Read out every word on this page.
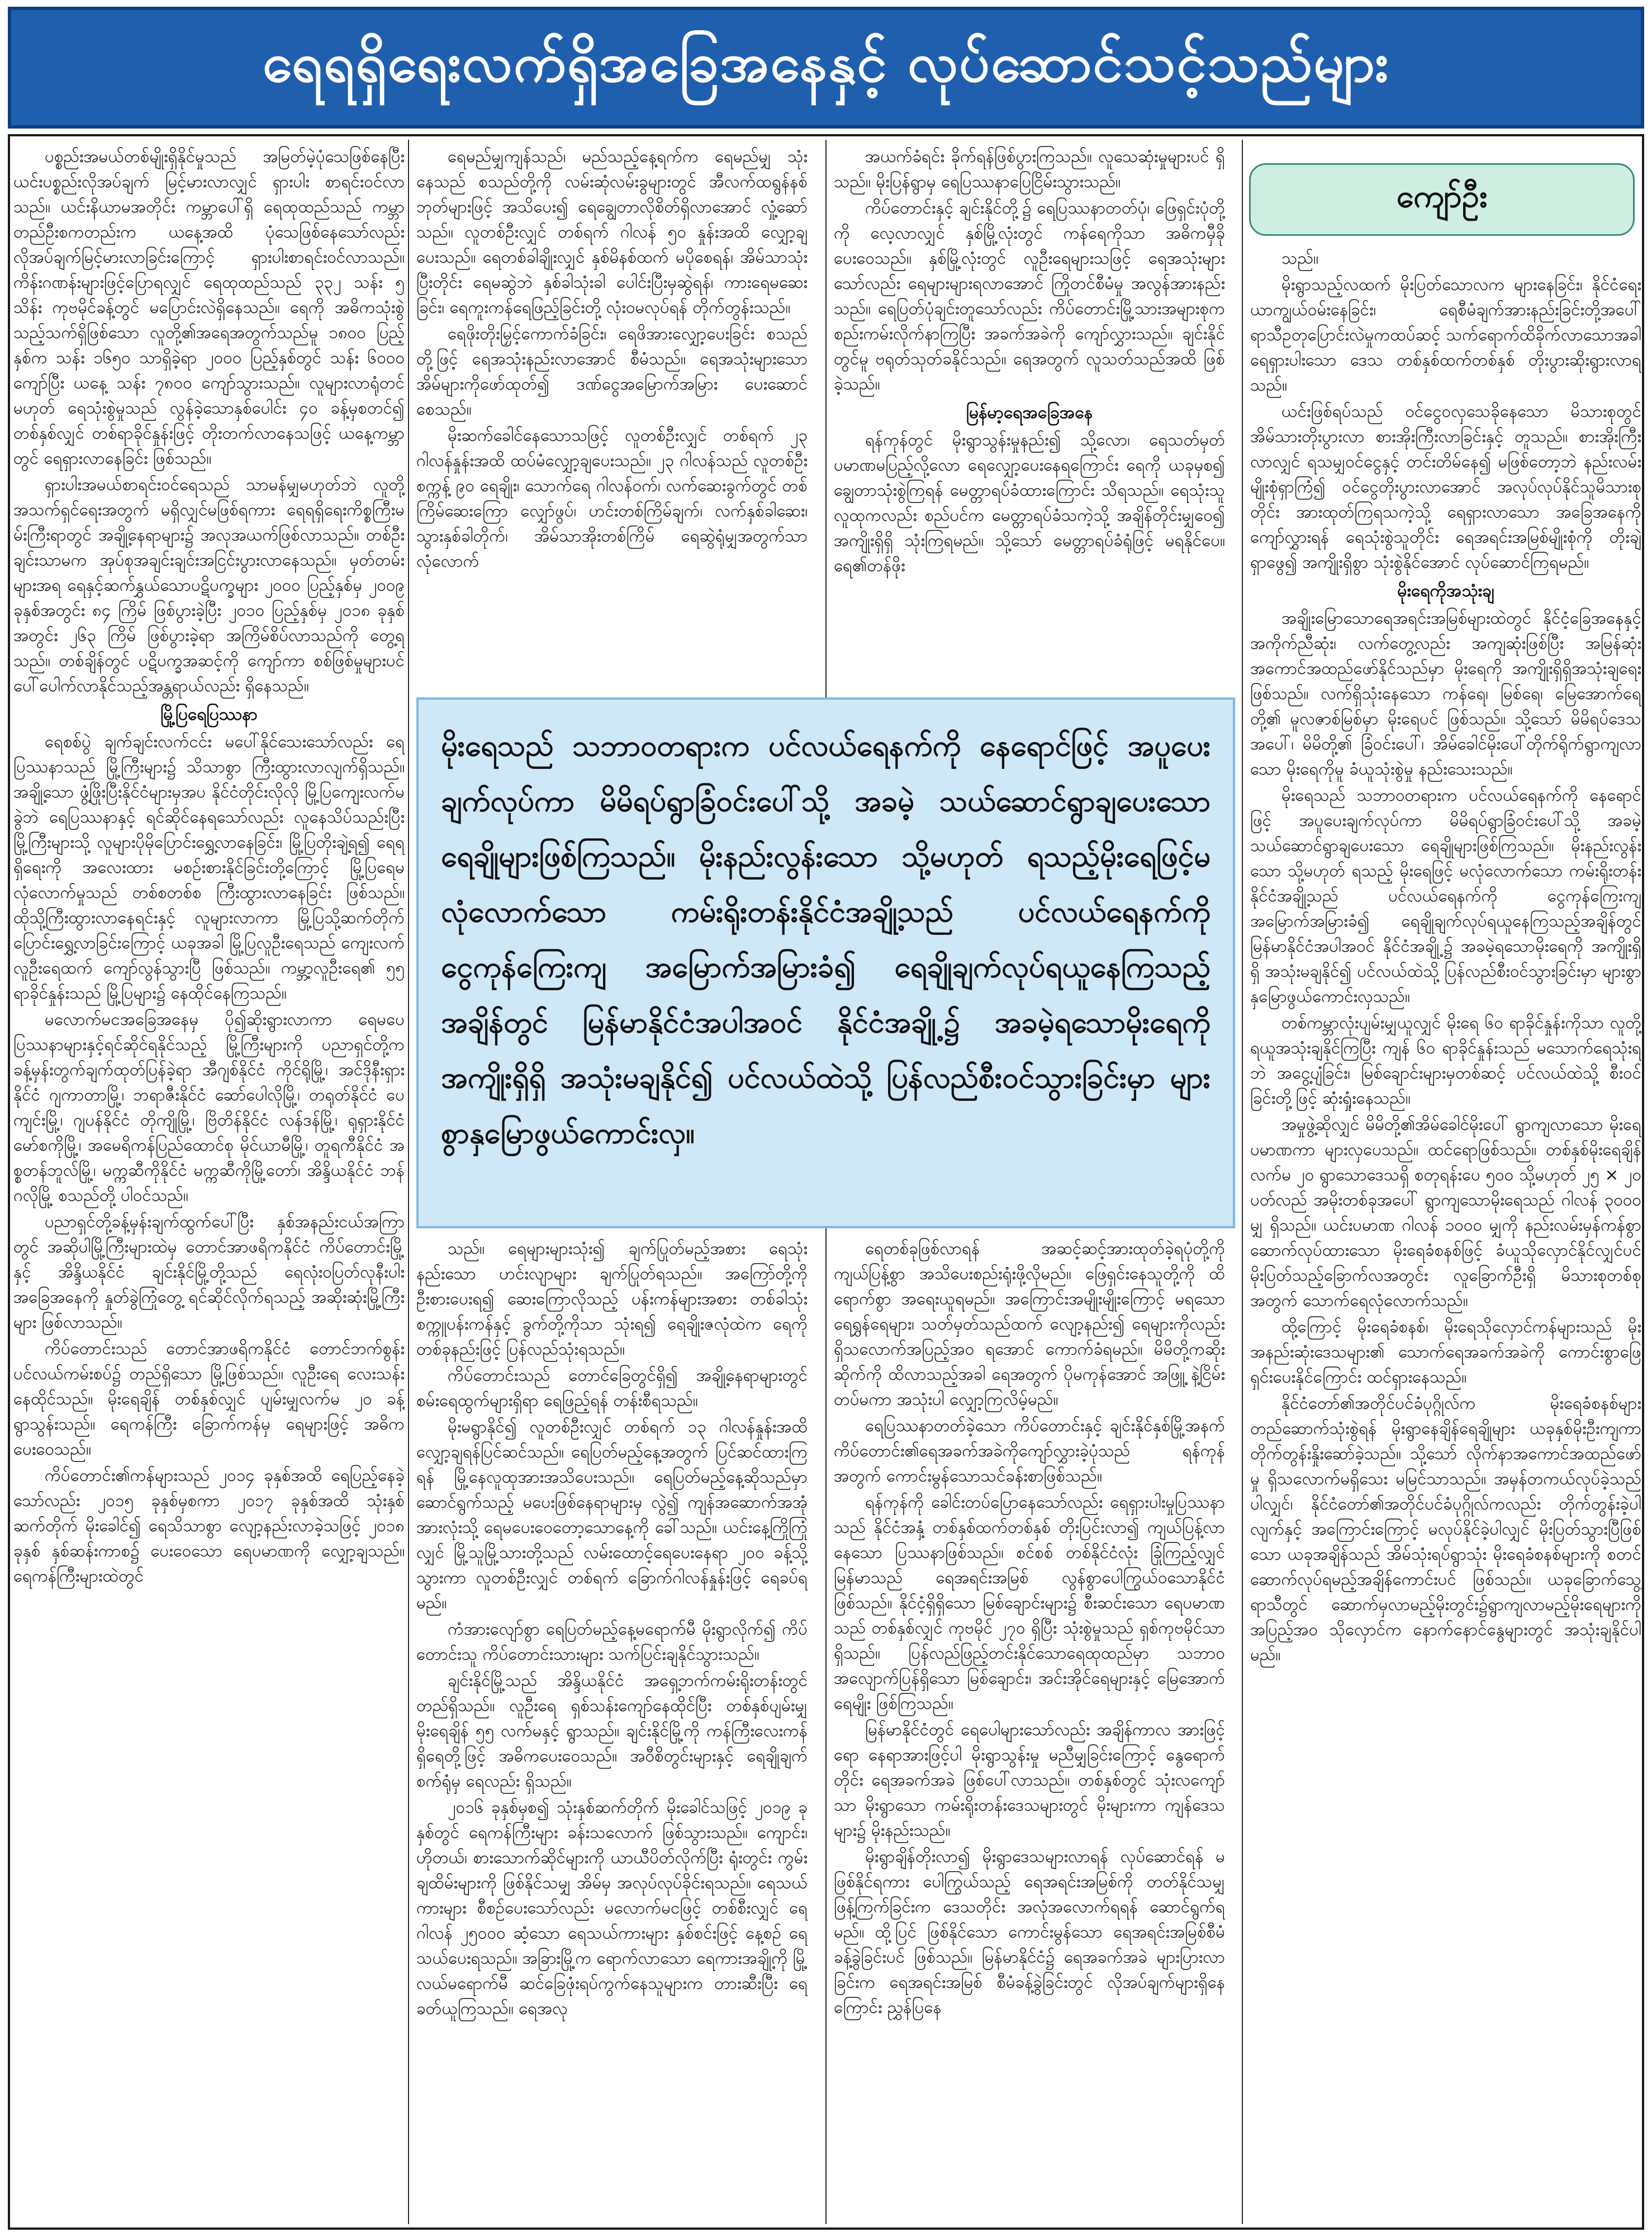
ရေရရှိရေးလက်ရှိအခြေအနေနှင့် လုပ်ဆောင်သင့်သည်များ

ပစ္စည်းအမယ်တစ်မျိုးရှိနိုင်မှုသည် အမြတ်မဲ့ပုံသေဖြစ်နေပြီး ယင်းပစ္စည်းလိုအပ်ချက် မြင့်မားလာလျှင် ရှားပါး စာရင်းဝင်လာသည်။ ယင်းနိယာမအတိုင်း ကမ္ဘာပေါ်ရှိ ရေထုထည်သည် ကမ္ဘာတည်ဦးစကတည်းက ယနေ့အထိ ပုံသေဖြစ်နေသော်လည်း လိုအပ်ချက်မြင့်မားလာခြင်းကြောင့် ရှားပါးစာရင်းဝင်လာသည်။ ကိန်းဂဏန်းများဖြင့်ပြောရလျှင် ရေထုထည်သည် ၃၃၂ သန်း ၅ သိန်း ကုဗမိုင်ခန့်တွင် မပြောင်းလဲရှိနေသည်။ ရေကို အဓိကသုံးစွဲသည့်သက်ရှိဖြစ်သော လူတို့၏အရေအတွက်သည်မူ ၁၈၀၀ ပြည့်နှစ်က သန်း ၁၆၅၀ သာရှိခဲ့ရာ ၂၀၀၀ ပြည့်နှစ်တွင် သန်း ၆၀၀၀ ကျော်ပြီး ယနေ့ သန်း ၇၈၀၀ ကျော်သွားသည်။ လူများလာရုံတင်မဟုတ် ရေသုံးစွဲမှုသည် လွန်ခဲ့သောနှစ်ပေါင်း ၄၀ ခန့်မှစတင်၍ တစ်နှစ်လျှင် တစ်ရာခိုင်နှုန်းဖြင့် တိုးတက်လာနေသဖြင့် ယနေ့ကမ္ဘာတွင် ရေရှားလာနေခြင်း ဖြစ်သည်။

ရှားပါးအမယ်စာရင်းဝင်ရေသည် သာမန်မျှမဟုတ်ဘဲ လူတို့အသက်ရှင်ရေးအတွက် မရှိလျှင်မဖြစ်ရကား ရေရရှိရေးကိစ္စကြီးမမ်းကြီးရာတွင် အချို့နေရာများ၌ အလုအယက်ဖြစ်လာသည်။ တစ်ဦးချင်းသာမက အုပ်စုအချင်းချင်းအငြင်းပွားလာနေသည်။ မှတ်တမ်းများအရ ရေနှင့်ဆက်နွှယ်သောပဋိပက္ခများ ၂၀၀၀ ပြည့်နှစ်မှ ၂၀၀၉ ခုနှစ်အတွင်း ၈၄ ကြိမ် ဖြစ်ပွားခဲ့ပြီး ၂၀၁၀ ပြည့်နှစ်မှ ၂၀၁၈ ခုနှစ်အတွင်း ၂၆၃ ကြိမ် ဖြစ်ပွားခဲ့ရာ အကြိမ်စိပ်လာသည်ကို တွေ့ရသည်။ တစ်ချိန်တွင် ပဋိပက္ခအဆင့်ကို ကျော်ကာ စစ်ဖြစ်မှုများပင် ပေါ်ပေါက်လာနိုင်သည့်အန္တရာယ်လည်း ရှိနေသည်။

မြို့ပြရေပြဿနာ

ရေစစ်ပွဲ ချက်ချင်းလက်ငင်း မပေါ်နိုင်သေးသော်လည်း ရေပြဿနာသည် မြို့ကြီးများ၌ သိသာစွာ ကြီးထွားလာလျက်ရှိသည်။ အချို့သော ဖွံ့ဖြိုးပြီးနိုင်ငံများမှအပ နိုင်ငံတိုင်းလိုလို မြို့ပြကျေးလက်မခွဲဘဲ ရေပြဿနာနှင့် ရင်ဆိုင်နေရသော်လည်း လူနေသိပ်သည်းပြီး မြို့ကြီးများသို့ လူများပိုမိုပြောင်းရွှေ့လာနေခြင်း၊ မြို့ပြတိုးချဲ့ရ၍ ရေရရှိရေးကို အလေးထား မစဉ်းစားနိုင်ခြင်းတို့ကြောင့် မြို့ပြရေမလုံလောက်မှုသည် တစ်စတစ်စ ကြီးထွားလာနေခြင်း ဖြစ်သည်။ ထိုသို့ကြီးထွားလာနေရင်းနှင့် လူများလာကာ မြို့ပြသို့ဆက်တိုက်ပြောင်းရွှေ့လာခြင်းကြောင့် ယခုအခါ မြို့ပြလူဦးရေသည် ကျေးလက်လူဦးရေထက် ကျော်လွန်သွားပြီ ဖြစ်သည်။ ကမ္ဘာ့လူဦးရေ၏ ၅၅ ရာခိုင်နှုန်းသည် မြို့ပြများ၌ နေထိုင်နေကြသည်။

မလောက်မငအခြေအနေမှ ပို၍ဆိုးရွားလာကာ ရေမပေပြဿနာများနှင့်ရင်ဆိုင်ရနိုင်သည့် မြို့ကြီးများကို ပညာရှင်တို့က ခန့်မှန်းတွက်ချက်ထုတ်ပြန်ခဲ့ရာ အီဂျစ်နိုင်ငံ ကိုင်ရိုမြို့၊ အင်ဒိုနီးရှားနိုင်ငံ ဂျကာတာမြို့၊ ဘရာဇီးနိုင်ငံ ဆော်ပေါလိုမြို့၊ တရုတ်နိုင်ငံ ပေကျင်းမြို့၊ ဂျပန်နိုင်ငံ တိုကျိုမြို့၊ ဗြိတိန်နိုင်ငံ လန်ဒန်မြို့၊ ရုရှားနိုင်ငံ မော်စကိုမြို့၊ အမေရိကန်ပြည်ထောင်စု မိုင်ယာမီမြို့၊ တူရကီနိုင်ငံ အစ္စတန်ဘူလ်မြို့၊ မက္ကဆီကိုနိုင်ငံ မက္ကဆီကိုမြို့တော်၊ အိန္ဒိယနိုင်ငံ ဘန်ဂလိုမြို့ စသည်တို့ ပါဝင်သည်။

ပညာရှင်တို့ခန့်မှန်းချက်ထွက်ပေါ်ပြီး နှစ်အနည်းငယ်အကြာတွင် အဆိုပါမြို့ကြီးများထဲမှ တောင်အာဖရိကနိုင်ငံ ကိပ်တောင်းမြို့နှင့် အိန္ဒိယနိုင်ငံ ချင်းနိုင်မြို့တို့သည် ရေလုံးဝပြတ်လုနီးပါး အခြေအနေကို နှုတ်ခွဲကြုံတွေ့ ရင်ဆိုင်လိုက်ရသည့် အဆိုးဆုံးမြို့ကြီးများ ဖြစ်လာသည်။

ကိပ်တောင်းသည် တောင်အာဖရိကနိုင်ငံ တောင်ဘက်စွန်း ပင်လယ်ကမ်းစပ်၌ တည်ရှိသော မြို့ဖြစ်သည်။ လူဦးရေ လေးသန်းနေထိုင်သည်။ မိုးရေချိန် တစ်နှစ်လျှင် ပျမ်းမျှလက်မ ၂၀ ခန့် ရွာသွန်းသည်။ ရေကန်ကြီး ခြောက်ကန်မှ ရေများဖြင့် အဓိကပေးဝေသည်။

ကိပ်တောင်း၏ကန်များသည် ၂၀၁၄ ခုနှစ်အထိ ရေပြည့်နေခဲ့သော်လည်း ၂၀၁၅ ခုနှစ်မှစကာ ၂၀၁၇ ခုနှစ်အထိ သုံးနှစ်ဆက်တိုက် မိုးခေါင်၍ ရေသိသာစွာ လျော့နည်းလာခဲ့သဖြင့် ၂၀၁၈ ခုနှစ် နှစ်ဆန်းကာစ၌ ပေးဝေသော ရေပမာဏကို လျှော့ချသည်။ ရေကန်ကြီးများထဲတွင်

ရေမည်မျှကျန်သည်၊ မည်သည့်နေ့ရက်က ရေမည်မျှ သုံးနေသည် စသည်တို့ကို လမ်းဆုံလမ်းခွများတွင် အီလက်ထရွန်နစ်ဘုတ်များဖြင့် အသိပေး၍ ရေချွေတာလိုစိတ်ရှိလာအောင် လှုံ့ဆော်သည်။ လူတစ်ဦးလျှင် တစ်ရက် ဂါလန် ၅၀ နှုန်းအထိ လျှော့ချပေးသည်။ ရေတစ်ခါချိုးလျှင် နှစ်မိနစ်ထက် မပိုစေရန်၊ အိမ်သာသုံးပြီးတိုင်း ရေမဆွဲဘဲ နှစ်ခါသုံးခါ ပေါင်းပြီးမှဆွဲရန်၊ ကားရေမဆေးခြင်း၊ ရေကူးကန်ရေဖြည့်ခြင်းတို့ လုံးဝမလုပ်ရန် တိုက်တွန်းသည်။

ရေဖိုးတိုးမြှင့်ကောက်ခံခြင်း၊ ရေဖိအားလျှော့ပေးခြင်း စသည်တို့ဖြင့် ရေအသုံးနည်းလာအောင် စီမံသည်။ ရေအသုံးများသော အိမ်များကိုဖော်ထုတ်၍ ဒဏ်ငွေအမြောက်အမြား ပေးဆောင်စေသည်။

မိုးဆက်ခေါင်နေသောသဖြင့် လူတစ်ဦးလျှင် တစ်ရက် ၂၃ ဂါလန်နှုန်းအထိ ထပ်မံလျှော့ချပေးသည်။ ၂၃ ဂါလန်သည် လူတစ်ဦး စက္ကန့် ၉၀ ရေချိုး၊ သောက်ရေ ဂါလန်ဝက်၊ လက်ဆေးခွက်တွင် တစ်ကြိမ်ဆေးကြော လျှော်ဖွပ်၊ ဟင်းတစ်ကြိမ်ချက်၊ လက်နှစ်ခါဆေး၊ သွားနှစ်ခါတိုက်၊ အိမ်သာအိုးတစ်ကြိမ် ရေဆွဲရုံမျှအတွက်သာ လုံလောက်

အယက်ခံရင်း ခိုက်ရန်ဖြစ်ပွားကြသည်။ လူသေဆုံးမှုများပင် ရှိသည်။ မိုးပြန်ရွာမှ ရေပြဿနာပြေငြိမ်းသွားသည်။

ကိပ်တောင်းနှင့် ချင်းနိုင်တို့၌ ရေပြဿနာတတ်ပုံ၊ ဖြေရှင်းပုံတို့ကို လေ့လာလျှင် နှစ်မြို့လုံးတွင် ကန်ရေကိုသာ အဓိကမှီခိုပေးဝေသည်။ နှစ်မြို့လုံးတွင် လူဦးရေများသဖြင့် ရေအသုံးများသော်လည်း ရေများများရလာအောင် ကြိုတင်စီမံမှု အလွန်အားနည်းသည်။ ရေပြတ်ပုံချင်းတူသော်လည်း ကိပ်တောင်းမြို့သားအများစုက စည်းကမ်းလိုက်နာကြပြီး အခက်အခဲကို ကျော်လွှားသည်။ ချင်းနိုင်တွင်မူ ဗရုတ်သုတ်ခနိုင်သည်။ ရေအတွက် လူသတ်သည်အထိ ဖြစ်ခဲ့သည်။

မြန်မာ့ရေအခြေအနေ

ရန်ကုန်တွင် မိုးရွာသွန်းမှုနည်း၍ သို့လော၊ ရေသတ်မှတ်ပမာဏမပြည့်လို့လော ရေလျှော့ပေးနေရကြောင်း ရေကို ယခုမှစ၍ ချွေတာသုံးစွဲကြရန် မေတ္တာရပ်ခံထားကြောင်း သိရသည်။ ရေသုံးသူလူထုကလည်း စည်ပင်က မေတ္တာရပ်ခံသကဲ့သို့ အချိန်တိုင်းမျှဝေ၍ အကျိုးရှိရှိ သုံးကြရမည်။ သို့သော် မေတ္တာရပ်ခံရုံဖြင့် မရနိုင်ပေ။ ရေ၏တန်ဖိုး

သည်။

မိုးရွာသည့်လထက် မိုးပြတ်သောလက များနေခြင်း၊ နိုင်ငံရေးယာကျွယ်ဝမ်းနေခြင်း၊ ရေစီမံချက်အားနည်းခြင်းတို့အပေါ် ရာသီဥတုပြောင်းလဲမှုကထပ်ဆင့် သက်ရောက်ထိခိုက်လာသောအခါ ရေရှားပါးသော ဒေသ တစ်နှစ်ထက်တစ်နှစ် တိုးပွားဆိုးရွားလာရသည်။

ယင်းဖြစ်ရပ်သည် ဝင်ငွေဝလှသေခိုနေသော မိသားစုတွင် အိမ်သားတိုးပွားလာ စားအိုးကြီးလာခြင်းနှင့် တူသည်။ စားအိုးကြီးလာလျှင် ရသမျှဝင်ငွေနှင့် တင်းတိမ်နေ၍ မဖြစ်တော့ဘဲ နည်းလမ်းမျိုးစုံရှာကြံ၍ ဝင်ငွေတိုးပွားလာအောင် အလုပ်လုပ်နိုင်သူမိသားစုတိုင်း အားထုတ်ကြရသကဲ့သို့ ရေရှားလာသော အခြေအနေကို ကျော်လွှားရန် ရေသုံးစွဲသူတိုင်း ရေအရင်းအမြစ်မျိုးစုံကို တိုးချဲ့ရှာဖွေ၍ အကျိုးရှိစွာ သုံးစွဲနိုင်အောင် လုပ်ဆောင်ကြရမည်။

မိုးရေကိုအသုံးချ

အချိုးမြောသောရေအရင်းအမြစ်များထဲတွင် နိုင်ငံ့ခြေအနေနှင့်အကိုက်ညီဆုံး၊ လက်တွေ့လည်း အကျဆုံးဖြစ်ပြီး အမြန်ဆုံး အကောင်အထည်ဖော်နိုင်သည်မှာ မိုးရေကို အကျိုးရှိရှိအသုံးချရေး ဖြစ်သည်။ လက်ရှိသုံးနေသော ကန်ရေ၊ မြစ်ရေ၊ မြေအောက်ရေတို့၏ မူလဇာစ်မြစ်မှာ မိုးရေပင် ဖြစ်သည်။ သို့သော် မိမိရပ်ဒေသအပေါ်၊ မိမိတို့၏ ခြံဝင်းပေါ်၊ အိမ်ခေါင်မိုးပေါ်တိုက်ရိုက်ရွာကျလာသော မိုးရေကိုမူ ခံယူသုံးစွဲမှု နည်းသေးသည်။

မိုးရေသည် သဘာဝတရားက ပင်လယ်ရေနက်ကို နေရောင်ဖြင့် အပူပေးချက်လုပ်ကာ မိမိရပ်ရွာခြံဝင်းပေါ်သို့ အခမဲ့သယ်ဆောင်ရွာချပေးသော ရေချိုများဖြစ်ကြသည်။ မိုးနည်းလွန်းသော သို့မဟုတ် ရသည့် မိုးရေဖြင့် မလုံလောက်သော ကမ်းရိုးတန်းနိုင်ငံအချို့သည် ပင်လယ်ရေနက်ကို ငွေကုန်ကြေးကျ အမြောက်အမြားခံ၍ ရေချိုချက်လုပ်ရယူနေကြသည့်အချိန်တွင် မြန်မာနိုင်ငံအပါအဝင် နိုင်ငံအချို့၌ အခမဲ့ရသောမိုးရေကို အကျိုးရှိရှိ အသုံးမချနိုင်၍ ပင်လယ်ထဲသို့ ပြန်လည်စီးဝင်သွားခြင်းမှာ များစွာနှမြောဖွယ်ကောင်းလှသည်။

တစ်ကမ္ဘာလုံးပျမ်းမျှယူလျှင် မိုးရေ ၆၀ ရာခိုင်နှုန်းကိုသာ လူတို့ရယူအသုံးချနိုင်ကြပြီး ကျန် ၆၀ ရာခိုင်နှုန်းသည် မသောက်ရေသုံးရဘဲ အငွေ့ပျံခြင်း၊ မြစ်ချောင်းများမှတစ်ဆင့် ပင်လယ်ထဲသို့ စီးဝင်ခြင်းတို့ဖြင့် ဆုံးရှုံးနေသည်။

အမှုဖွဲ့ဆိုလျှင် မိမိတို့၏အိမ်ခေါင်မိုးပေါ် ရွာကျလာသော မိုးရေပမာဏကာ များလှပေသည်။ ထင်ရောဖြစ်သည်။ တစ်နှစ်မိုးရေချိန် လက်မ ၂၀ ရွာသောဒေသရှိ စတုရန်းပေ ၅၀၀ သို့မဟုတ် ၂၅ × ၂၀ ပတ်လည် အမိုးတစ်ခုအပေါ် ရွာကျသောမိုးရေသည် ဂါလန် ၃၀၀၀ မျှ ရှိသည်။ ယင်းပမာဏ ဂါလန် ၁၀၀၀ မျှကို နည်းလမ်းမှန်ကန်စွာ ဆောက်လုပ်ထားသော မိုးရေခံစနစ်ဖြင့် ခံယူသိုလှောင်နိုင်လျှင်ပင် မိုးပြတ်သည့်ခြောက်လအတွင်း လူခြောက်ဦးရှိ မိသားစုတစ်စုအတွက် သောက်ရေလုံလောက်သည်။

ထို့ကြောင့် မိုးရေခံစနစ်၊ မိုးရေသိုလှောင်ကန်များသည် မိုးအနည်းဆုံးဒေသများ၏ သောက်ရေအခက်အခဲကို ကောင်းစွာဖြေရှင်းပေးနိုင်ကြောင်း ထင်ရှားနေသည်။

နိုင်ငံတော်၏အတိုင်ပင်ခံပုဂ္ဂိုလ်က မိုးရေခံစနစ်များတည်ဆောက်သုံးစွဲရန် မိုးရွာနေချိန်ရေချိုများ ယခုနှစ်မိုးဦးကျကာ တိုက်တွန်းနှိုးဆော်ခဲ့သည်။ သို့သော် လိုက်နာအကောင်အထည်ဖော်မှု ရှိသလောက်မရှိသေး မမြင်သာသည်။ အမှန်တကယ်လုပ်ခဲ့သည်ပါလျှင်၊ နိုင်ငံတော်၏အတိုင်ပင်ခံပုဂ္ဂိုလ်ကလည်း တိုက်တွန်းခဲ့ပါလျက်နှင့် အကြောင်းကြောင့် မလုပ်နိုင်ခဲ့ပါလျှင် မိုးပြတ်သွားပြီဖြစ်သော ယခုအချိန်သည် အိမ်သုံးရပ်ရွာသုံး မိုးရေခံစနစ်များကို စတင်ဆောက်လုပ်ရမည့်အချိန်ကောင်းပင် ဖြစ်သည်။ ယခုခြောက်သွေ့ရာသီတွင် ဆောက်မှလာမည့်မိုးတွင်း၌ရွာကျလာမည့်မိုးရေများကို အပြည့်အဝ သိုလှောင်က နောက်နောင်နွေများတွင် အသုံးချနိုင်ပါမည်။

သည်။ ရေများများသုံး၍ ချက်ပြုတ်မည့်အစား ရေသုံးနည်းသော ဟင်းလျာများ ချက်ပြုတ်ရသည်။ အကြော်တို့ကို ဦးစားပေးရ၍ ဆေးကြောလိုသည့် ပန်းကန်များအစား တစ်ခါသုံး စက္ကူပန်းကန်နှင့် ခွက်တို့ကိုသာ သုံးရ၍ ရေချိုးဇလုံထဲက ရေကို တစ်ခုနည်းဖြင့် ပြန်လည်သုံးရသည်။

ကိပ်တောင်းသည် တောင်ခြေတွင်ရှိ၍ အချို့နေရာများတွင် စမ်းရေထွက်များရှိရာ ရေဖြည့်ရန် တန်းစီရသည်။

မိုးမရွာနိုင်၍ လူတစ်ဦးလျှင် တစ်ရက် ၁၃ ဂါလန်နှုန်းအထိ လျှော့ချရန်ပြင်ဆင်သည်။ ရေပြတ်မည့်နေ့အတွက် ပြင်ဆင်ထားကြရန် မြို့နေလူထုအားအသိပေးသည်။ ရေပြတ်မည့်နေ့ဆိုသည်မှာ ဆောင်ရွက်သည့် မပေးဖြစ်နေရာများမှ လွဲ၍ ကျန်အဆောက်အအုံအားလုံးသို့ ရေမပေးဝေတော့သောနေ့ကို ခေါ်သည်။ ယင်းနေ့ကြိုကြုံလျှင် မြို့သူမြို့သားတို့သည် လမ်းထောင့်ရေပေးနေရာ ၂၀၀ ခန့်သို့ သွားကာ လူတစ်ဦးလျှင် တစ်ရက် ခြောက်ဂါလန်နှုန်းဖြင့် ရေခပ်ရမည်။

ကံအားလျော်စွာ ရေပြတ်မည့်နေ့မရောက်မီ မိုးရွာလိုက်၍ ကိပ်တောင်းသူ ကိပ်တောင်းသားများ သက်ပြင်းချနိုင်သွားသည်။

ချင်းနိုင်မြို့သည် အိန္ဒိယနိုင်ငံ အရှေ့ဘက်ကမ်းရိုးတန်းတွင် တည်ရှိသည်။ လူဦးရေ ရှစ်သန်းကျော်နေထိုင်ပြီး တစ်နှစ်ပျမ်းမျှမိုးရေချိန် ၅၅ လက်မနှင့် ရွာသည်။ ချင်းနိုင်မြို့ကို ကန်ကြီးလေးကန်ရှိရေတို့ဖြင့် အဓိကပေးဝေသည်။ အဝီစိတွင်းများနှင့် ရေချိုချက်စက်ရုံမှ ရေလည်း ရှိသည်။

၂၀၁၆ ခုနှစ်မှစ၍ သုံးနှစ်ဆက်တိုက် မိုးခေါင်သဖြင့် ၂၀၁၉ ခုနှစ်တွင် ရေကန်ကြီးများ ခန်းသလောက် ဖြစ်သွားသည်။ ကျောင်း၊ ဟိုတယ်၊ စားသောက်ဆိုင်များကို ယာယီပိတ်လိုက်ပြီး ရုံးတွင်း ကွမ်းချထိမ်းများကို ဖြစ်နိုင်သမျှ အိမ်မှ အလုပ်လုပ်ခိုင်းရသည်။ ရေသယ်ကားများ စီစဉ်ပေးသော်လည်း မလောက်မငဖြင့် တစ်စီးလျှင် ရေဂါလန် ၂၅၀၀၀ ဆံ့သော ရေသယ်ကားများ နှစ်စင်းဖြင့် နေ့စဉ် ရေသယ်ပေးရသည်။ အခြားမြို့က ရောက်လာသော ရေကားအချို့ကို မြို့လယ်မရောက်မီ ဆင်ခြေဖုံးရပ်ကွက်နေသူများက တားဆီးပြီး ရေခတ်ယူကြသည်။ ရေအလု

ရေတစ်ခုဖြစ်လာရန် အဆင့်ဆင့်အားထုတ်ခဲ့ရပုံတို့ကို ကျယ်ပြန့်စွာ အသိပေးစည်းရုံးဖို့လိုမည်။ ဖြေရှင်းနေသူတို့ကို ထိရောက်စွာ အရေးယူရမည်။ အကြောင်းအမျိုးမျိုးကြောင့် မရသောရေရွှန်ရေများ၊ သတ်မှတ်သည်ထက် လျော့နည်း၍ ရေများကိုလည်း ရှိသလောက်အပြည့်အဝ ရအောင် ကောက်ခံရမည်။ မိမိတို့ကဆိုးဆိုက်ကို ထိလာသည့်အခါ ရေအတွက် ပိုမကုန်အောင် အဖြူ့ နဲ့ငြိမ်းတပ်မကာ အသုံးပါ လျှော့ကြလိမ့်မည်။

ရေပြဿနာတတ်ခဲ့သော ကိပ်တောင်းနှင့် ချင်းနိုင်နှစ်မြို့အနက် ကိပ်တောင်း၏ရေအခက်အခဲကိုကျော်လွှားခဲ့ပုံသည် ရန်ကုန်အတွက် ကောင်းမွန်သောသင်ခန်းစာဖြစ်သည်။

ရန်ကုန်ကို ခေါင်းတပ်ပြောနေသော်လည်း ရေရှားပါးမှုပြဿနာသည် နိုင်ငံအနှံ့ တစ်နှစ်ထက်တစ်နှစ် တိုးပြင်းလာ၍ ကျယ်ပြန့်လာနေသော ပြဿနာဖြစ်သည်။ စင်စစ် တစ်နိုင်ငံလုံး ခြုံကြည့်လျှင် မြန်မာသည် ရေအရင်းအမြစ် လွန်စွာပေါကြွယ်ဝသောနိုင်ငံ ဖြစ်သည်။ နိုင်ငံ့ရှိရှိသော မြစ်ချောင်းများ၌ စီးဆင်းသော ရေပမာဏသည် တစ်နှစ်လျှင် ကုဗမိုင် ၂၇၀ ရှိပြီး သုံးစွဲမှုသည် ရှစ်ကုဗမိုင်သာ ရှိသည်။ ပြန်လည်ဖြည့်တင်းနိုင်သောရေထုထည်မှာ သဘာဝ အလျောက်ပြန်ရှိသော မြစ်ချောင်း၊ အင်းအိုင်ရေများနှင့် မြေအောက်ရေမျိုး ဖြစ်ကြသည်။

မြန်မာနိုင်ငံတွင် ရေပေါများသော်လည်း အချိန်ကာလ အားဖြင့်ရော နေရာအားဖြင့်ပါ မိုးရွာသွန်းမှု မညီမျှခြင်းကြောင့် နွေရောက်တိုင်း ရေအခက်အခဲ ဖြစ်ပေါ်လာသည်။ တစ်နှစ်တွင် သုံးလကျော်သာ မိုးရွာသော ကမ်းရိုးတန်းဒေသများတွင် မိုးများကာ ကျန်ဒေသများ၌ မိုးနည်းသည်။

မိုးရွာချိန်တိုးလာ၍ မိုးရွာဒေသများလာရန် လုပ်ဆောင်ရန် မဖြစ်နိုင်ရကား ပေါကြွယ်သည့် ရေအရင်းအမြစ်ကို တတ်နိုင်သမျှ ဖြန့်ကြက်ခြင်းက ဒေသတိုင်း အလုံအလောက်ရရန် ဆောင်ရွက်ရမည်။ ထို့ပြင် ဖြစ်နိုင်သော ကောင်းမွန်သော ရေအရင်းအမြစ်စီမံခန့်ခွဲခြင်းပင် ဖြစ်သည်။ မြန်မာနိုင်ငံ၌ ရေအခက်အခဲ များပြားလာခြင်းက ရေအရင်းအမြစ် စီမံခန့်ခွဲခြင်းတွင် လိုအပ်ချက်များရှိနေကြောင်း ညွှန်ပြနေ

ကျော်ဦး
မိုးရေသည် သဘာဝတရားက ပင်လယ်ရေနက်ကို နေရောင်ဖြင့် အပူပေးချက်လုပ်ကာ မိမိရပ်ရွာခြံဝင်းပေါ်သို့ အခမဲ့ သယ်ဆောင်ရွာချပေးသော ရေချိုများဖြစ်ကြသည်။ မိုးနည်းလွန်းသော သို့မဟုတ် ရသည့်မိုးရေဖြင့်မလုံလောက်သော ကမ်းရိုးတန်းနိုင်ငံအချို့သည် ပင်လယ်ရေနက်ကို ငွေကုန်ကြေးကျ အမြောက်အမြားခံ၍ ရေချိုချက်လုပ်ရယူနေကြသည့်အချိန်တွင် မြန်မာနိုင်ငံအပါအဝင် နိုင်ငံအချို့၌ အခမဲ့ရသောမိုးရေကို အကျိုးရှိရှိ အသုံးမချနိုင်၍ ပင်လယ်ထဲသို့ ပြန်လည်စီးဝင်သွားခြင်းမှာ များစွာနှမြောဖွယ်ကောင်းလှ။
